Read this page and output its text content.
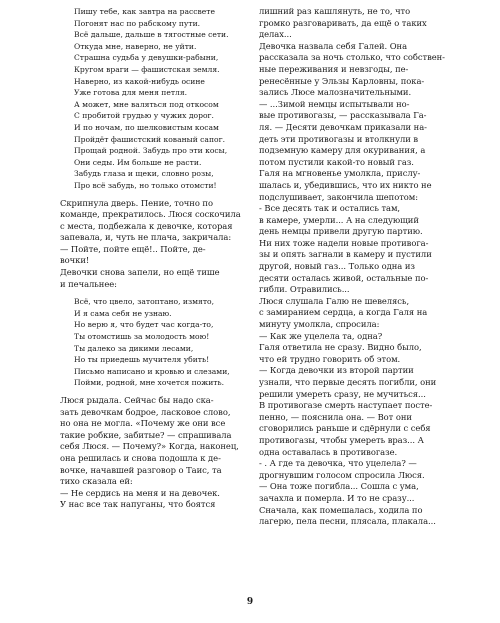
Пишу тебе, как завтра на рассвете
Погонят нас по рабскому пути.
Всё дальше, дальше в тягостные сети.
Откуда мне, наверно, не уйти.
Страшна судьба у девушки-рабыни,
Кругом враги — фашистская земля.
Наверно, из какой-нибудь осине
Уже готова для меня петля.
А может, мне валяться под откосом
С пробитой грудью у чужих дорог.
И по ночам, по шелковистым косам
Пройдёт фашистский кованый сапог.
Прощай родной. Забудь про эти косы,
Они седы. Им больше не расти.
Забудь глаза и щеки, словно розы,
Про всё забудь, но только отомсти!
Скрипнула дверь. Пение, точно по
команде, прекратилось. Люся соскочила
с места, подбежала к девочке, которая
запевала, и, чуть не плача, закричала:
— Пойте, пойте ещё!.. Пойте, де-
вочки!
Девочки снова запели, но ещё тише
и печальнее:
Всё, что цвело, затоптано, измято,
И я сама себя не узнаю.
Но верю я, что будет час когда-то,
Ты отомстишь за молодость мою!
Ты далеко за дикими лесами,
Но ты приедешь мучителя убить!
Письмо написано и кровью и слезами,
Пойми, родной, мне хочется пожить.
Люся рыдала. Сейчас бы надо ска-
зать девочкам бодрое, ласковое слово,
но она не могла. «Почему же они все
такие робкие, забитые? — спрашивала
себя Люся. — Почему?» Когда, наконец,
она решилась и снова подошла к де-
вочке, начавшей разговор о Таис, та
тихо сказала ей:
— Не сердись на меня и на девочек.
У нас все так напуганы, что боятся
лишний раз кашлянуть, не то, что
громко разговаривать, да ещё о таких
делах...
Девочка назвала себя Галей. Она
рассказала за ночь столько, что собствен-
ные переживания и невзгоды, пе-
ренесённые у Эльзы Карловны, пока-
зались Люсе малозначительными.
— ...Зимой немцы испытывали но-
вые противогазы, — рассказывала Га-
ля. — Десяти девочкам приказали на-
деть эти противогазы и втолкнули в
подземную камеру для окуривания, а
потом пустили какой-то новый газ.
Галя на мгновенье умолкла, прислу-
шалась и, убедившись, что их никто не
подслушивает, закончила шепотом:
- Все десять так и остались там,
в камере, умерли... А на следующий
день немцы привели другую партию.
Ни них тоже надели новые противога-
зы и опять загнали в камеру и пустили
другой, новый газ... Только одна из
десяти осталась живой, остальные по-
гибли. Отравились...
Люся слушала Галю не шевелясь,
с замиранием сердца, а когда Галя на
минуту умолкла, спросила:
— Как же уцелела та, одна?
Галя ответила не сразу. Видно было,
что ей трудно говорить об этом.
— Когда девочки из второй партии
узнали, что первые десять погибли, они
решили умереть сразу, не мучиться...
В противогазе смерть наступает посте-
пенно, — пояснила она. — Вот они
сговорились раньше и сдёрнули с себя
противогазы, чтобы умереть враз... А
одна оставалась в противогазе.
- . А где та девочка, что уцелела? —
дрогнувшим голосом спросила Люся.
— Она тоже погибла... Сошла с ума,
зачахла и померла. И то не сразу...
Сначала, как помешалась, ходила по
лагерю, пела песни, плясала, плакала...
9
